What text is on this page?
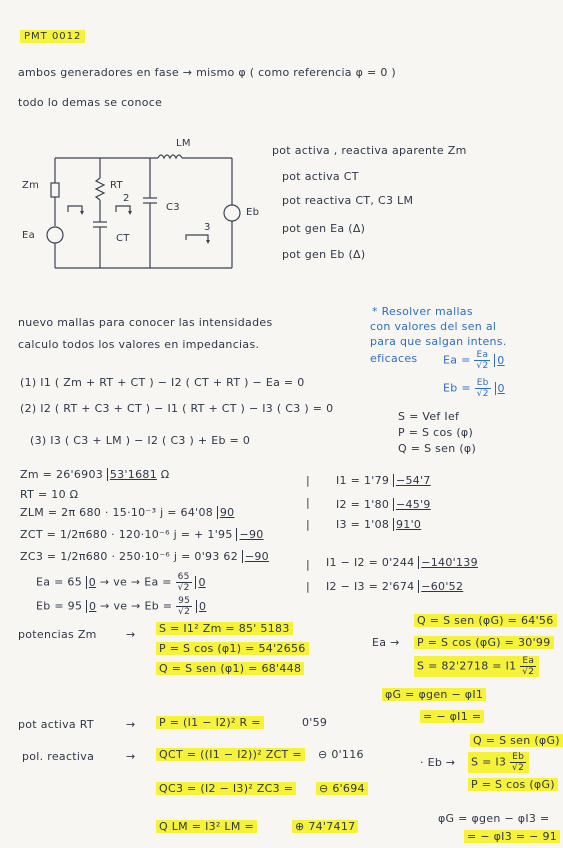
PMT 0012
ambos generadores en fase → mismo φ ( como referencia φ = 0 )
todo lo demas se conoce
Zm	RT
CT
LM
C3
Ea
Eb
2
3
pot activa , reactiva aparente Zm
pot activa CT
pot reactiva CT, C3 LM
pot gen Ea (Δ)
pot gen Eb (Δ)
nuevo mallas para conocer las intensidades
calculo todos los valores en impedancias.
* Resolver mallas
con valores del sen al
para que salgan intens.
eficaces $Ea = \frac{Ea}{√2} 0$
$Eb = \frac{Eb}{√2} 0$
(1) I1 ( Zm + RT + CT ) − I2 ( CT + RT ) − Ea = 0
(2) I2 ( RT + C3 + CT ) − I1 ( RT + CT ) − I3 ( C3 ) = 0
(3) I3 ( C3 + LM ) − I2 ( C3 ) + Eb = 0
S = Vef Ief
P = S cos (φ)
Q = S sen (φ)
Zm = 26'6903 53'1681 Ω
RT = 10 Ω
ZLM = 2π 680 · 15·10⁻³ j = 64'08 90
ZCT = 1/2π680 · 120·10⁻⁶ j = + 1'95 −90
ZC3 = 1/2π680 · 250·10⁻⁶ j = 0'93 62 −90
Ea = 65 0 → ve → $Ea = \frac{65}{√2} 0$
Eb = 95 0 → ve → $Eb = \frac{95}{√2} 0$
|
|
|
|
|
I1 = 1'79 −54'7
I2 = 1'80 −45'9
I3 = 1'08 91'0
I1 − I2 = 0'244 −140'139
I2 − I3 = 2'674 −60'52
potencias Zm	→ S = I1² Zm = 85' 5183
P = S cos (φ1) = 54'2656
Q = S sen (φ1) = 68'448
Q = S sen (φG) = 64'56
Ea → P = S cos (φG) = 30'99
$S = 82'2718 = I1 \frac{Ea}{√2}$
φG = φgen − φI1
= − φI1 =
pot activa RT	→ P = (I1 − I2)² R =	0'59
pol. reactiva	→ QCT = ((I1 − I2))² ZCT = ⊖ 0'116
QC3 = (I2 − I3)² ZC3 = ⊖ 6'694
Q LM = I3² LM =	⊕ 74'7417
Q = S sen (φG)
· $Eb \to S = I3 \frac{Eb}{√2}$
P = S cos (φG)
φG = φgen − φI3 =
= − φI3 = − 91
